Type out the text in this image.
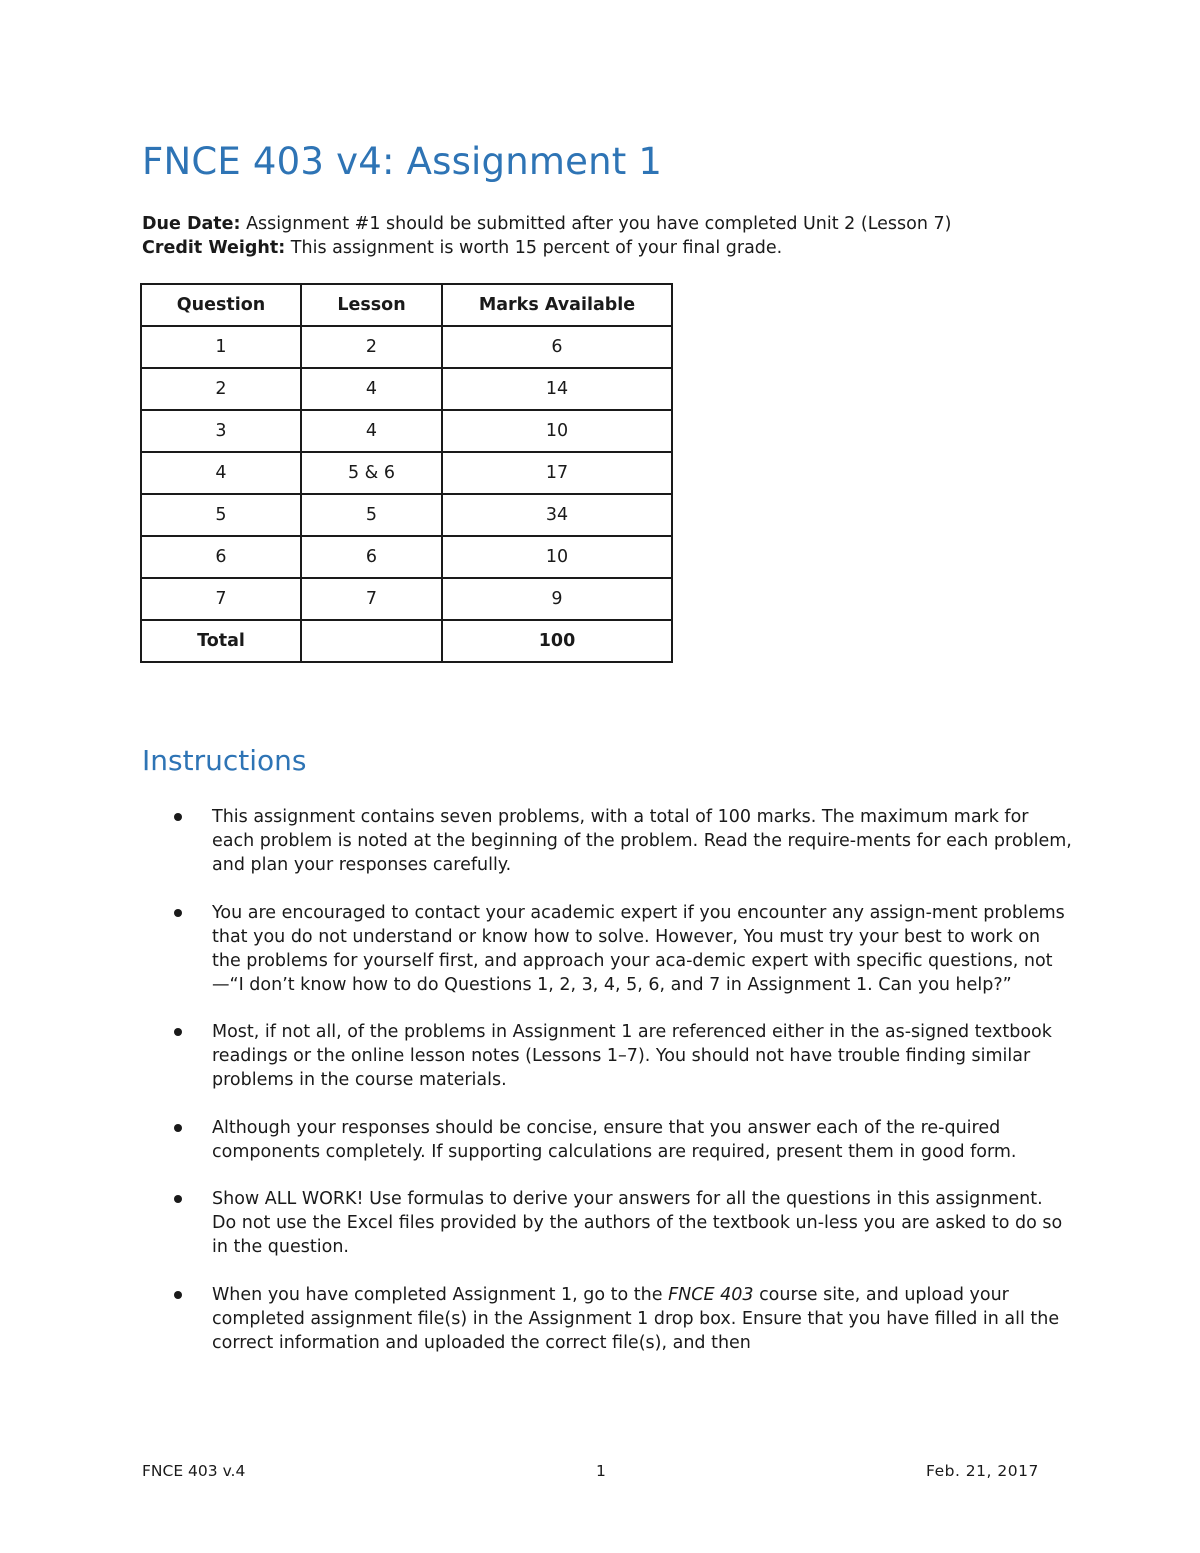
FNCE 403 v4: Assignment 1
Due Date: Assignment #1 should be submitted after you have completed Unit 2 (Lesson 7)
Credit Weight: This assignment is worth 15 percent of your final grade.
Question	Lesson	Marks Available
1	2	6
2	4	14
3	4	10
4	5 & 6	17
5	5	34
6	6	10
7	7	9
Total		100
Instructions
This assignment contains seven problems, with a total of 100 marks. The maximum mark for each problem is noted at the beginning of the problem. Read the require-ments for each problem, and plan your responses carefully.
You are encouraged to contact your academic expert if you encounter any assign-ment problems that you do not understand or know how to solve. However, You must try your best to work on the problems for yourself first, and approach your aca-demic expert with specific questions, not—“I don’t know how to do Questions 1, 2, 3, 4, 5, 6, and 7 in Assignment 1. Can you help?”
Most, if not all, of the problems in Assignment 1 are referenced either in the as-signed textbook readings or the online lesson notes (Lessons 1–7). You should not have trouble finding similar problems in the course materials.
Although your responses should be concise, ensure that you answer each of the re-quired components completely. If supporting calculations are required, present them in good form.
Show ALL WORK! Use formulas to derive your answers for all the questions in this assignment. Do not use the Excel files provided by the authors of the textbook un-less you are asked to do so in the question.
When you have completed Assignment 1, go to the FNCE 403 course site, and upload your completed assignment file(s) in the Assignment 1 drop box. Ensure that you have filled in all the correct information and uploaded the correct file(s), and then
FNCE 403 v.4	1	Feb. 21, 2017
